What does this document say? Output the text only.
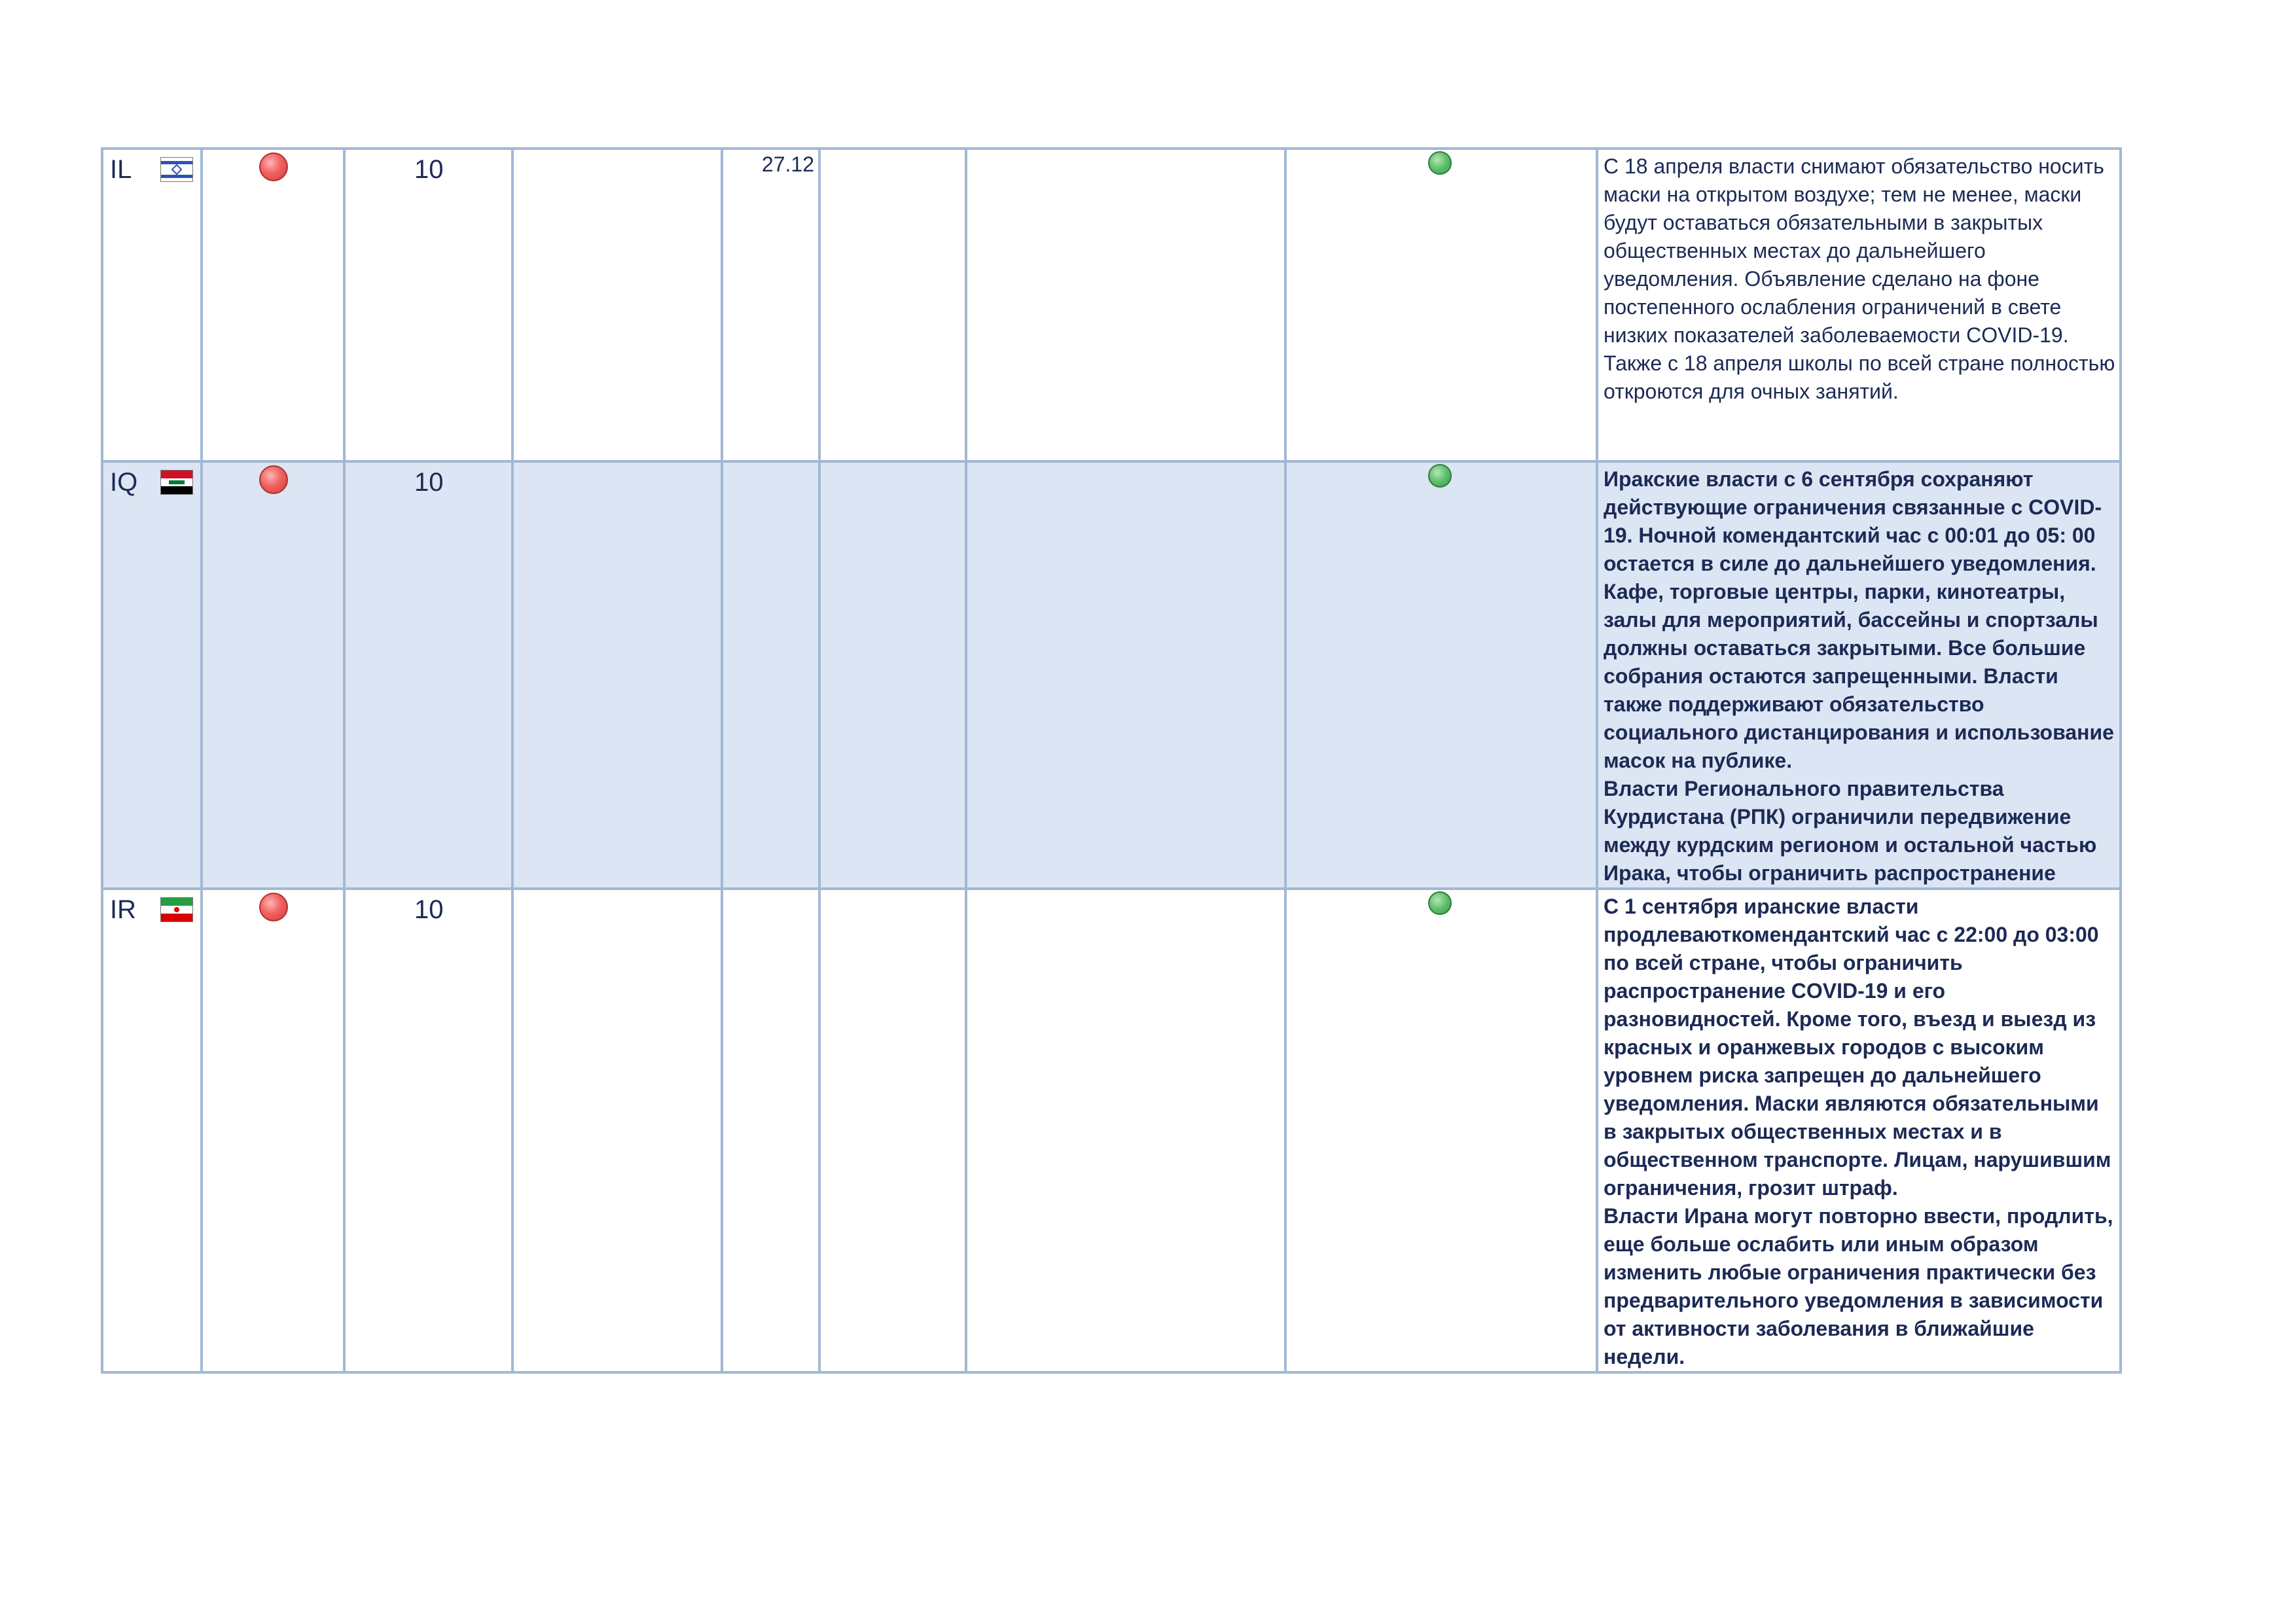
IL		10		27.12				С 18 апреля власти снимают обязательство носить маски на открытом воздухе; тем не менее, маски будут оставаться обязательными в закрытых общественных местах до дальнейшего уведомления. Объявление сделано на фоне постепенного ослабления ограничений в свете низких показателей заболеваемости COVID-19.
Также с 18 апреля школы по всей стране полностью откроются для очных занятий.

IQ		10						Иракские власти с 6 сентября сохраняют действующие ограничения связанные с COVID-19. Ночной комендантский час с 00:01 до 05: 00 остается в силе до дальнейшего уведомления. Кафе, торговые центры, парки, кинотеатры, залы для мероприятий, бассейны и спортзалы должны оставаться закрытыми. Все большие собрания остаются запрещенными. Власти также поддерживают обязательство социального дистанцирования и использование масок на публике.
Власти Регионального правительства Курдистана (РПК) ограничили передвижение между курдским регионом и остальной частью Ирака, чтобы ограничить распространение

IR		10						С 1 сентября иранские власти продлеваюткомендантский час с 22:00 до 03:00 по всей стране, чтобы ограничить распространение COVID-19 и его разновидностей. Кроме того, въезд и выезд из красных и оранжевых городов с высоким уровнем риска запрещен до дальнейшего уведомления. Маски являются обязательными в закрытых общественных местах и в общественном транспорте. Лицам, нарушившим ограничения, грозит штраф.
Власти Ирана могут повторно ввести, продлить, еще больше ослабить или иным образом изменить любые ограничения практически без предварительного уведомления в зависимости от активности заболевания в ближайшие недели.
